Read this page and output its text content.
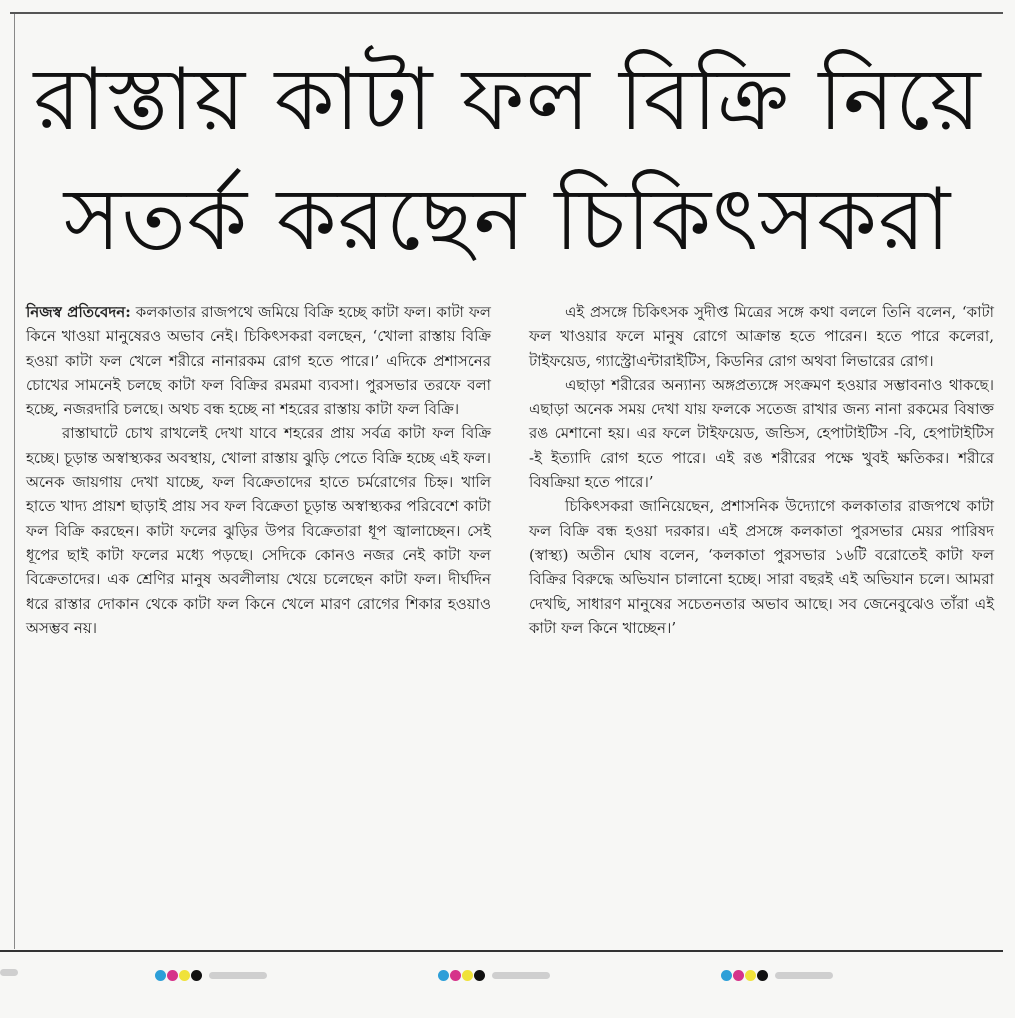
রাস্তায় কাটা ফল বিক্রি নিয়ে
সতর্ক করছেন চিকিৎসকরা

নিজস্ব প্রতিবেদন: কলকাতার রাজপথে জমিয়ে বিক্রি হচ্ছে কাটা ফল। কাটা ফল কিনে খাওয়া মানুষেরও অভাব নেই। চিকিৎসকরা বলছেন, ‘খোলা রাস্তায় বিক্রি হওয়া কাটা ফল খেলে শরীরে নানারকম রোগ হতে পারে।’ এদিকে প্রশাসনের চোখের সামনেই চলছে কাটা ফল বিক্রির রমরমা ব্যবসা। পুরসভার তরফে বলা হচ্ছে, নজরদারি চলছে। অথচ বন্ধ হচ্ছে না শহরের রাস্তায় কাটা ফল বিক্রি।

রাস্তাঘাটে চোখ রাখলেই দেখা যাবে শহরের প্রায় সর্বত্র কাটা ফল বিক্রি হচ্ছে। চূড়ান্ত অস্বাস্থ্যকর অবস্থায়, খোলা রাস্তায় ঝুড়ি পেতে বিক্রি হচ্ছে এই ফল। অনেক জায়গায় দেখা যাচ্ছে, ফল বিক্রেতাদের হাতে চর্মরোগের চিহ্ন। খালি হাতে খাদ্য প্রায়শ ছাড়াই প্রায় সব ফল বিক্রেতা চূড়ান্ত অস্বাস্থ্যকর পরিবেশে কাটা ফল বিক্রি করছেন। কাটা ফলের ঝুড়ির উপর বিক্রেতারা ধূপ জ্বালাচ্ছেন। সেই ধূপের ছাই কাটা ফলের মধ্যে পড়ছে। সেদিকে কোনও নজর নেই কাটা ফল বিক্রেতাদের। এক শ্রেণির মানুষ অবলীলায় খেয়ে চলেছেন কাটা ফল। দীর্ঘদিন ধরে রাস্তার দোকান থেকে কাটা ফল কিনে খেলে মারণ রোগের শিকার হওয়াও অসম্ভব নয়।

এই প্রসঙ্গে চিকিৎসক সুদীপ্ত মিত্রের সঙ্গে কথা বললে তিনি বলেন, ‘কাটা ফল খাওয়ার ফলে মানুষ রোগে আক্রান্ত হতে পারেন। হতে পারে কলেরা, টাইফয়েড, গ্যাস্ট্রোএন্টারাইটিস, কিডনির রোগ অথবা লিভারের রোগ।

এছাড়া শরীরের অন্যান্য অঙ্গপ্রত্যঙ্গে সংক্রমণ হওয়ার সম্ভাবনাও থাকছে। এছাড়া অনেক সময় দেখা যায় ফলকে সতেজ রাখার জন্য নানা রকমের বিষাক্ত রঙ মেশানো হয়। এর ফলে টাইফয়েড, জন্ডিস, হেপাটাইটিস -বি, হেপাটাইটিস -ই ইত্যাদি রোগ হতে পারে। এই রঙ শরীরের পক্ষে খুবই ক্ষতিকর। শরীরে বিষক্রিয়া হতে পারে।’

চিকিৎসকরা জানিয়েছেন, প্রশাসনিক উদ্যোগে কলকাতার রাজপথে কাটা ফল বিক্রি বন্ধ হওয়া দরকার। এই প্রসঙ্গে কলকাতা পুরসভার মেয়র পারিষদ (স্বাস্থ্য) অতীন ঘোষ বলেন, ‘কলকাতা পুরসভার ১৬টি বরোতেই কাটা ফল বিক্রির বিরুদ্ধে অভিযান চালানো হচ্ছে। সারা বছরই এই অভিযান চলে। আমরা দেখছি, সাধারণ মানুষের সচেতনতার অভাব আছে। সব জেনেবুঝেও তাঁরা এই কাটা ফল কিনে খাচ্ছেন।’
